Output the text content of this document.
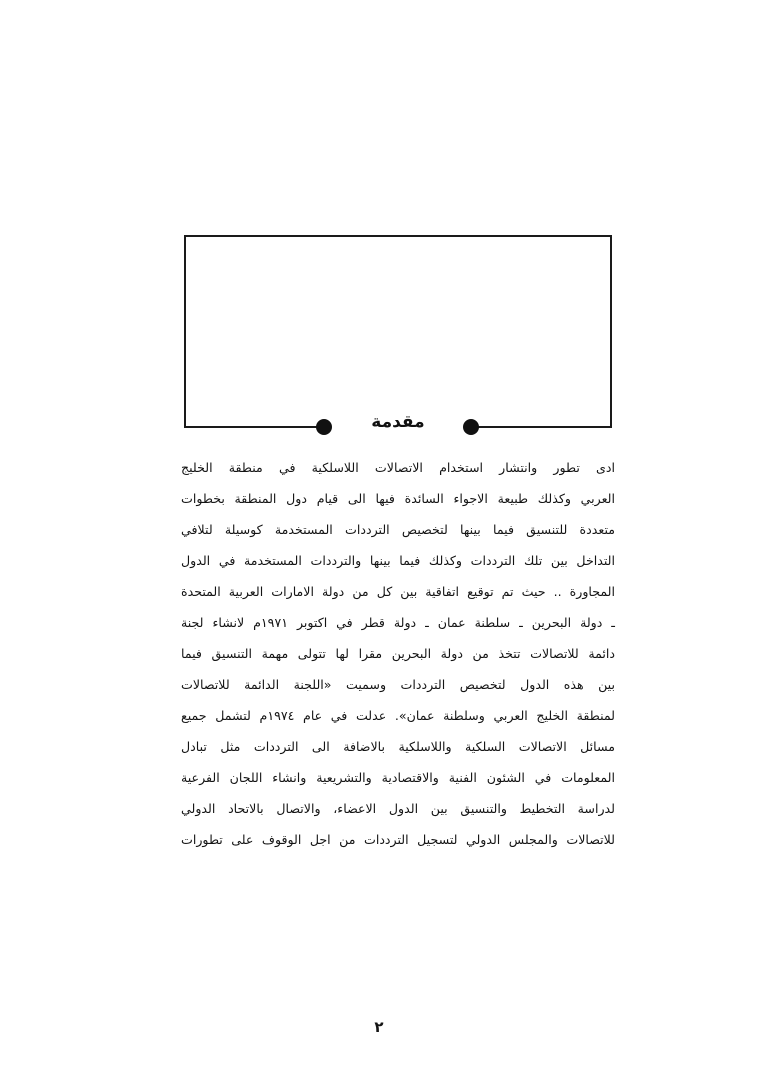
مقدمة
ادى تطور وانتشار استخدام الاتصالات اللاسلكية في منطقة الخليج
العربي وكذلك طبيعة الاجواء السائدة فيها الى قيام دول المنطقة بخطوات
متعددة للتنسيق فيما بينها لتخصيص الترددات المستخدمة كوسيلة لتلافي
التداخل بين تلك الترددات وكذلك فيما بينها والترددات المستخدمة في الدول
المجاورة .. حيث تم توقيع اتفاقية بين كل من دولة الامارات العربية المتحدة
ـ دولة البحرين ـ سلطنة عمان ـ دولة قطر في اكتوبر ١٩٧١م لانشاء لجنة
دائمة للاتصالات تتخذ من دولة البحرين مقرا لها تتولى مهمة التنسيق فيما
بين هذه الدول لتخصيص الترددات وسميت «اللجنة الدائمة للاتصالات
لمنطقة الخليج العربي وسلطنة عمان». عدلت في عام ١٩٧٤م لتشمل جميع
مسائل الاتصالات السلكية واللاسلكية بالاضافة الى الترددات مثل تبادل
المعلومات في الشئون الفنية والاقتصادية والتشريعية وانشاء اللجان الفرعية
لدراسة التخطيط والتنسيق بين الدول الاعضاء، والاتصال بالاتحاد الدولي
للاتصالات والمجلس الدولي لتسجيل الترددات من اجل الوقوف على تطورات
٢
